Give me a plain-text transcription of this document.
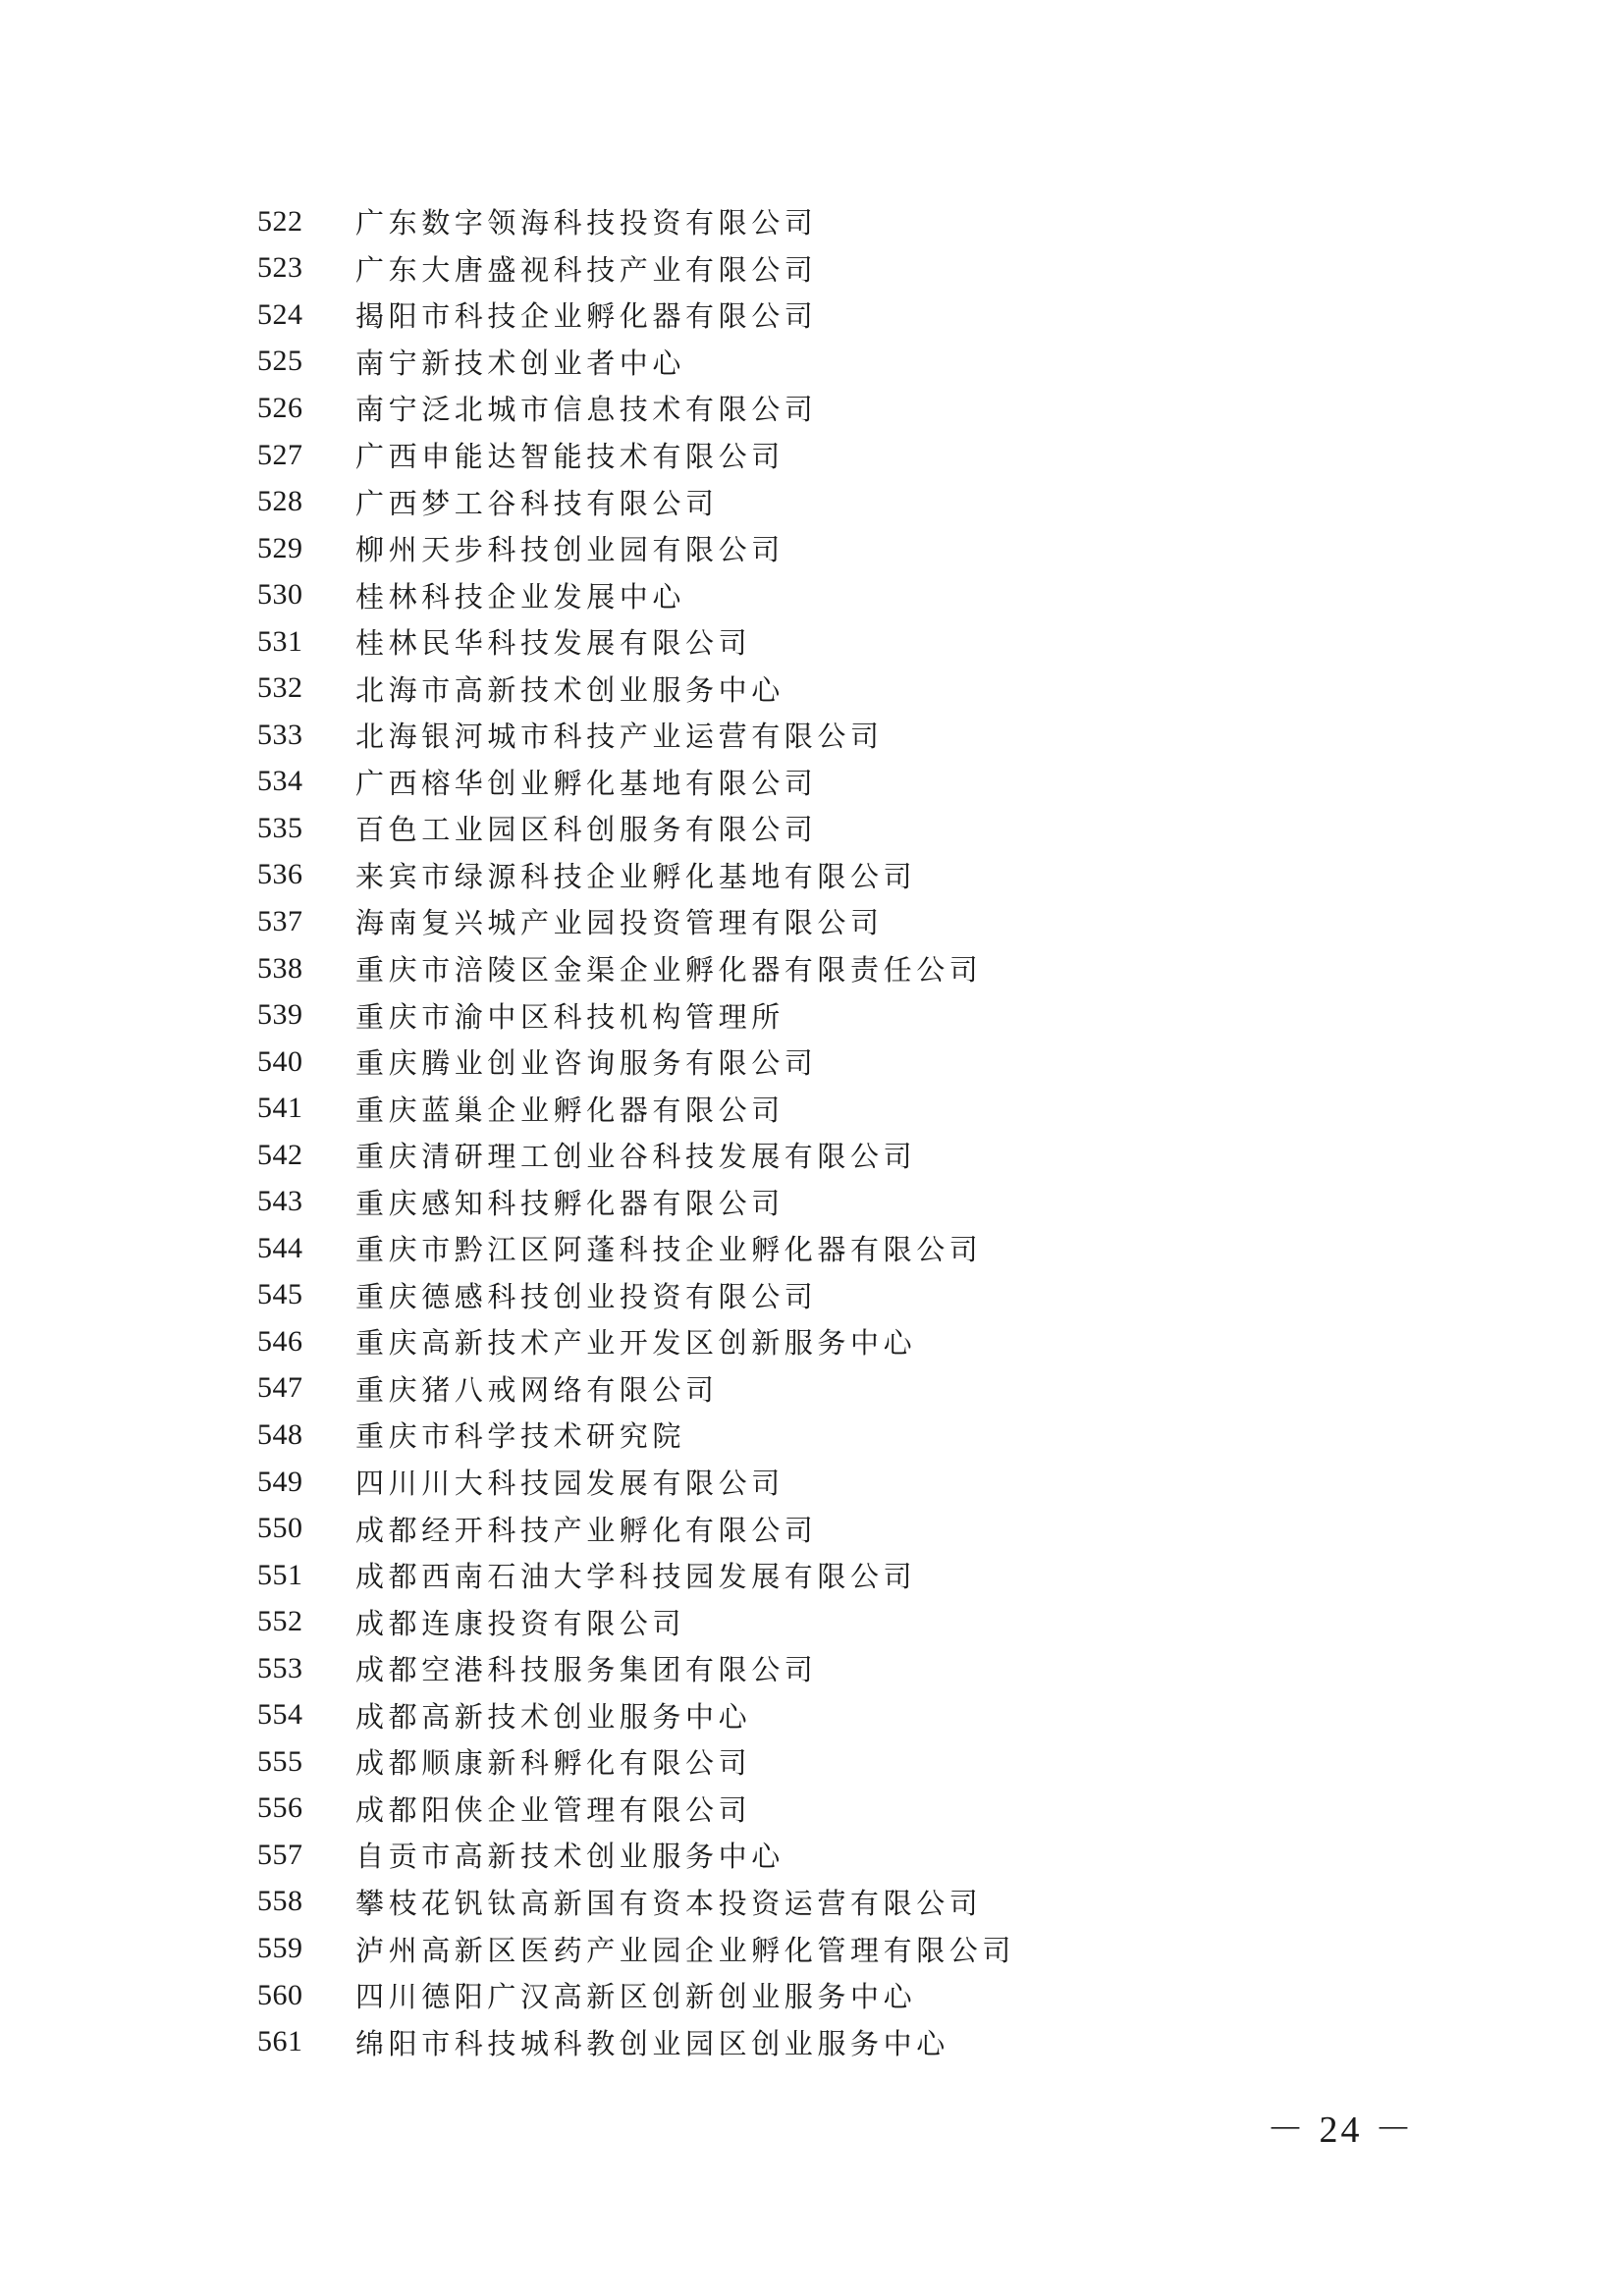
522	广东数字领海科技投资有限公司
523	广东大唐盛视科技产业有限公司
524	揭阳市科技企业孵化器有限公司
525	南宁新技术创业者中心
526	南宁泛北城市信息技术有限公司
527	广西申能达智能技术有限公司
528	广西梦工谷科技有限公司
529	柳州天步科技创业园有限公司
530	桂林科技企业发展中心
531	桂林民华科技发展有限公司
532	北海市高新技术创业服务中心
533	北海银河城市科技产业运营有限公司
534	广西榕华创业孵化基地有限公司
535	百色工业园区科创服务有限公司
536	来宾市绿源科技企业孵化基地有限公司
537	海南复兴城产业园投资管理有限公司
538	重庆市涪陵区金渠企业孵化器有限责任公司
539	重庆市渝中区科技机构管理所
540	重庆腾业创业咨询服务有限公司
541	重庆蓝巢企业孵化器有限公司
542	重庆清研理工创业谷科技发展有限公司
543	重庆感知科技孵化器有限公司
544	重庆市黔江区阿蓬科技企业孵化器有限公司
545	重庆德感科技创业投资有限公司
546	重庆高新技术产业开发区创新服务中心
547	重庆猪八戒网络有限公司
548	重庆市科学技术研究院
549	四川川大科技园发展有限公司
550	成都经开科技产业孵化有限公司
551	成都西南石油大学科技园发展有限公司
552	成都连康投资有限公司
553	成都空港科技服务集团有限公司
554	成都高新技术创业服务中心
555	成都顺康新科孵化有限公司
556	成都阳侠企业管理有限公司
557	自贡市高新技术创业服务中心
558	攀枝花钒钛高新国有资本投资运营有限公司
559	泸州高新区医药产业园企业孵化管理有限公司
560	四川德阳广汉高新区创新创业服务中心
561	绵阳市科技城科教创业园区创业服务中心
－ 24 －
